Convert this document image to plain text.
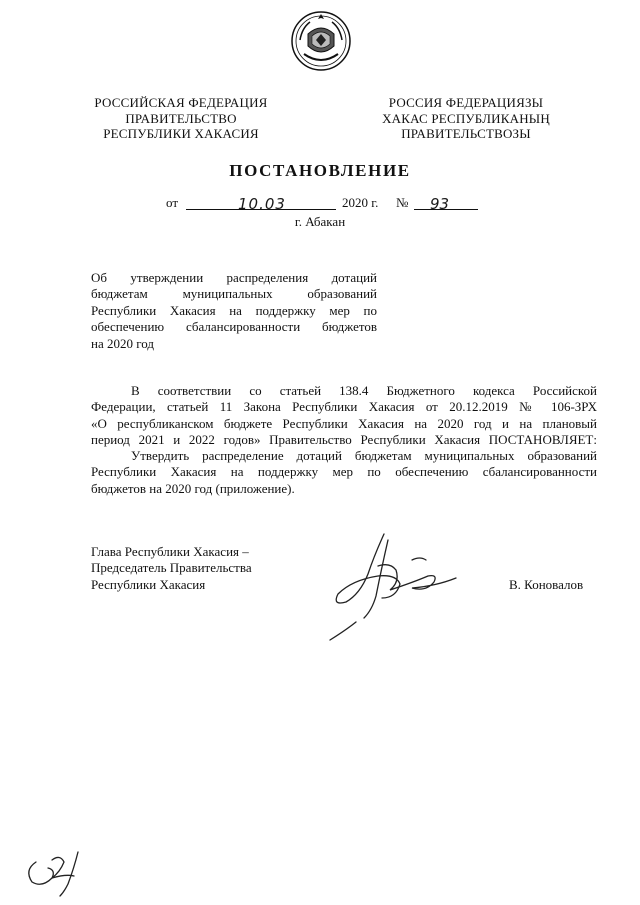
РОССИЙСКАЯ ФЕДЕРАЦИЯ
ПРАВИТЕЛЬСТВО
РЕСПУБЛИКИ ХАКАСИЯ
РОССИЯ ФЕДЕРАЦИЯЗЫ
ХАКАС РЕСПУБЛИКАНЫҢ
ПРАВИТЕЛЬСТВОЗЫ
ПОСТАНОВЛЕНИЕ
от	10.03	2020 г. № 93
г. Абакан
Об утверждении распределения дотаций
бюджетам муниципальных образований
Республики Хакасия на поддержку мер по
обеспечению сбалансированности бюджетов
на 2020 год
В соответствии со статьей 138.4 Бюджетного кодекса Российской
Федерации, статьей 11 Закона Республики Хакасия от 20.12.2019 № 106-ЗРХ
«О республиканском бюджете Республики Хакасия на 2020 год и на плановый
период 2021 и 2022 годов» Правительство Республики Хакасия ПОСТАНОВЛЯЕТ:
Утвердить распределение дотаций бюджетам муниципальных образований
Республики Хакасия на поддержку мер по обеспечению сбалансированности
бюджетов на 2020 год (приложение).
Глава Республики Хакасия –
Председатель Правительства
Республики Хакасия	В. Коновалов
